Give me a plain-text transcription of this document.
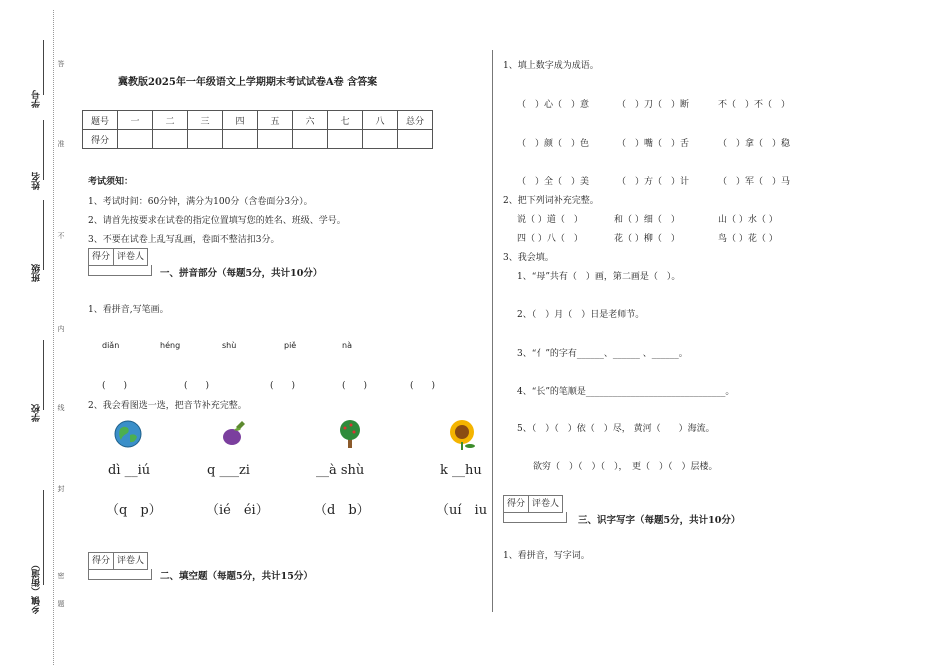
学号
姓名
班级
学校
乡镇（街道）
答
准
不
内
线
封
密
题
冀教版2025年一年级语文上学期期末考试试卷A卷 含答案
题号	一	二	三	四	五	六	七	八	总分
得分									
考试须知：
1、考试时间：60分钟，满分为100分（含卷面分3分）。
2、请首先按要求在试卷的指定位置填写您的姓名、班级、学号。
3、不要在试卷上乱写乱画，卷面不整洁扣3分。
得分 评卷人
一、拼音部分（每题5分，共计10分）
1、看拼音,写笔画。
diǎn	héng	shù	piě	nà
(　　)	(　　)	(　　)	(　　)	(　　)
2、我会看图选一选，把音节补充完整。
dì __iú	q ___zi	__à shù	k __hu
（q　p）	（ié　éi）	（d　b）	（uí　iu
得分 评卷人
二、填空题（每题5分，共计15分）
1、填上数字成为成语。
（　）心（　）意	（　）刀（　）断	不（　）不（　）
（　）颜（　）色	（　）嘴（　）舌	（　）拿（　）稳
（　）全（　）美	（　）方（　）计	（　）军（　）马
2、把下列词补充完整。
说（ ）道（　）	和（ ）细（　）	山（ ）水（ ）
四（ ）八（　）	花（ ）柳（　）	鸟（ ）花（ ）
3、我会填。
1、“母”共有（　）画，第二画是（　）。
2、（　）月（　）日是老师节。
3、“亻”的字有______、______ 、______。
4、“长”的笔顺是_______________________________。
5、（　）（　）依（　）尽， 黄河（　　）海流。
欲穷（　）（　）（　），　更（　）（　）层楼。
得分 评卷人
三、识字写字（每题5分，共计10分）
1、看拼音，写字词。
